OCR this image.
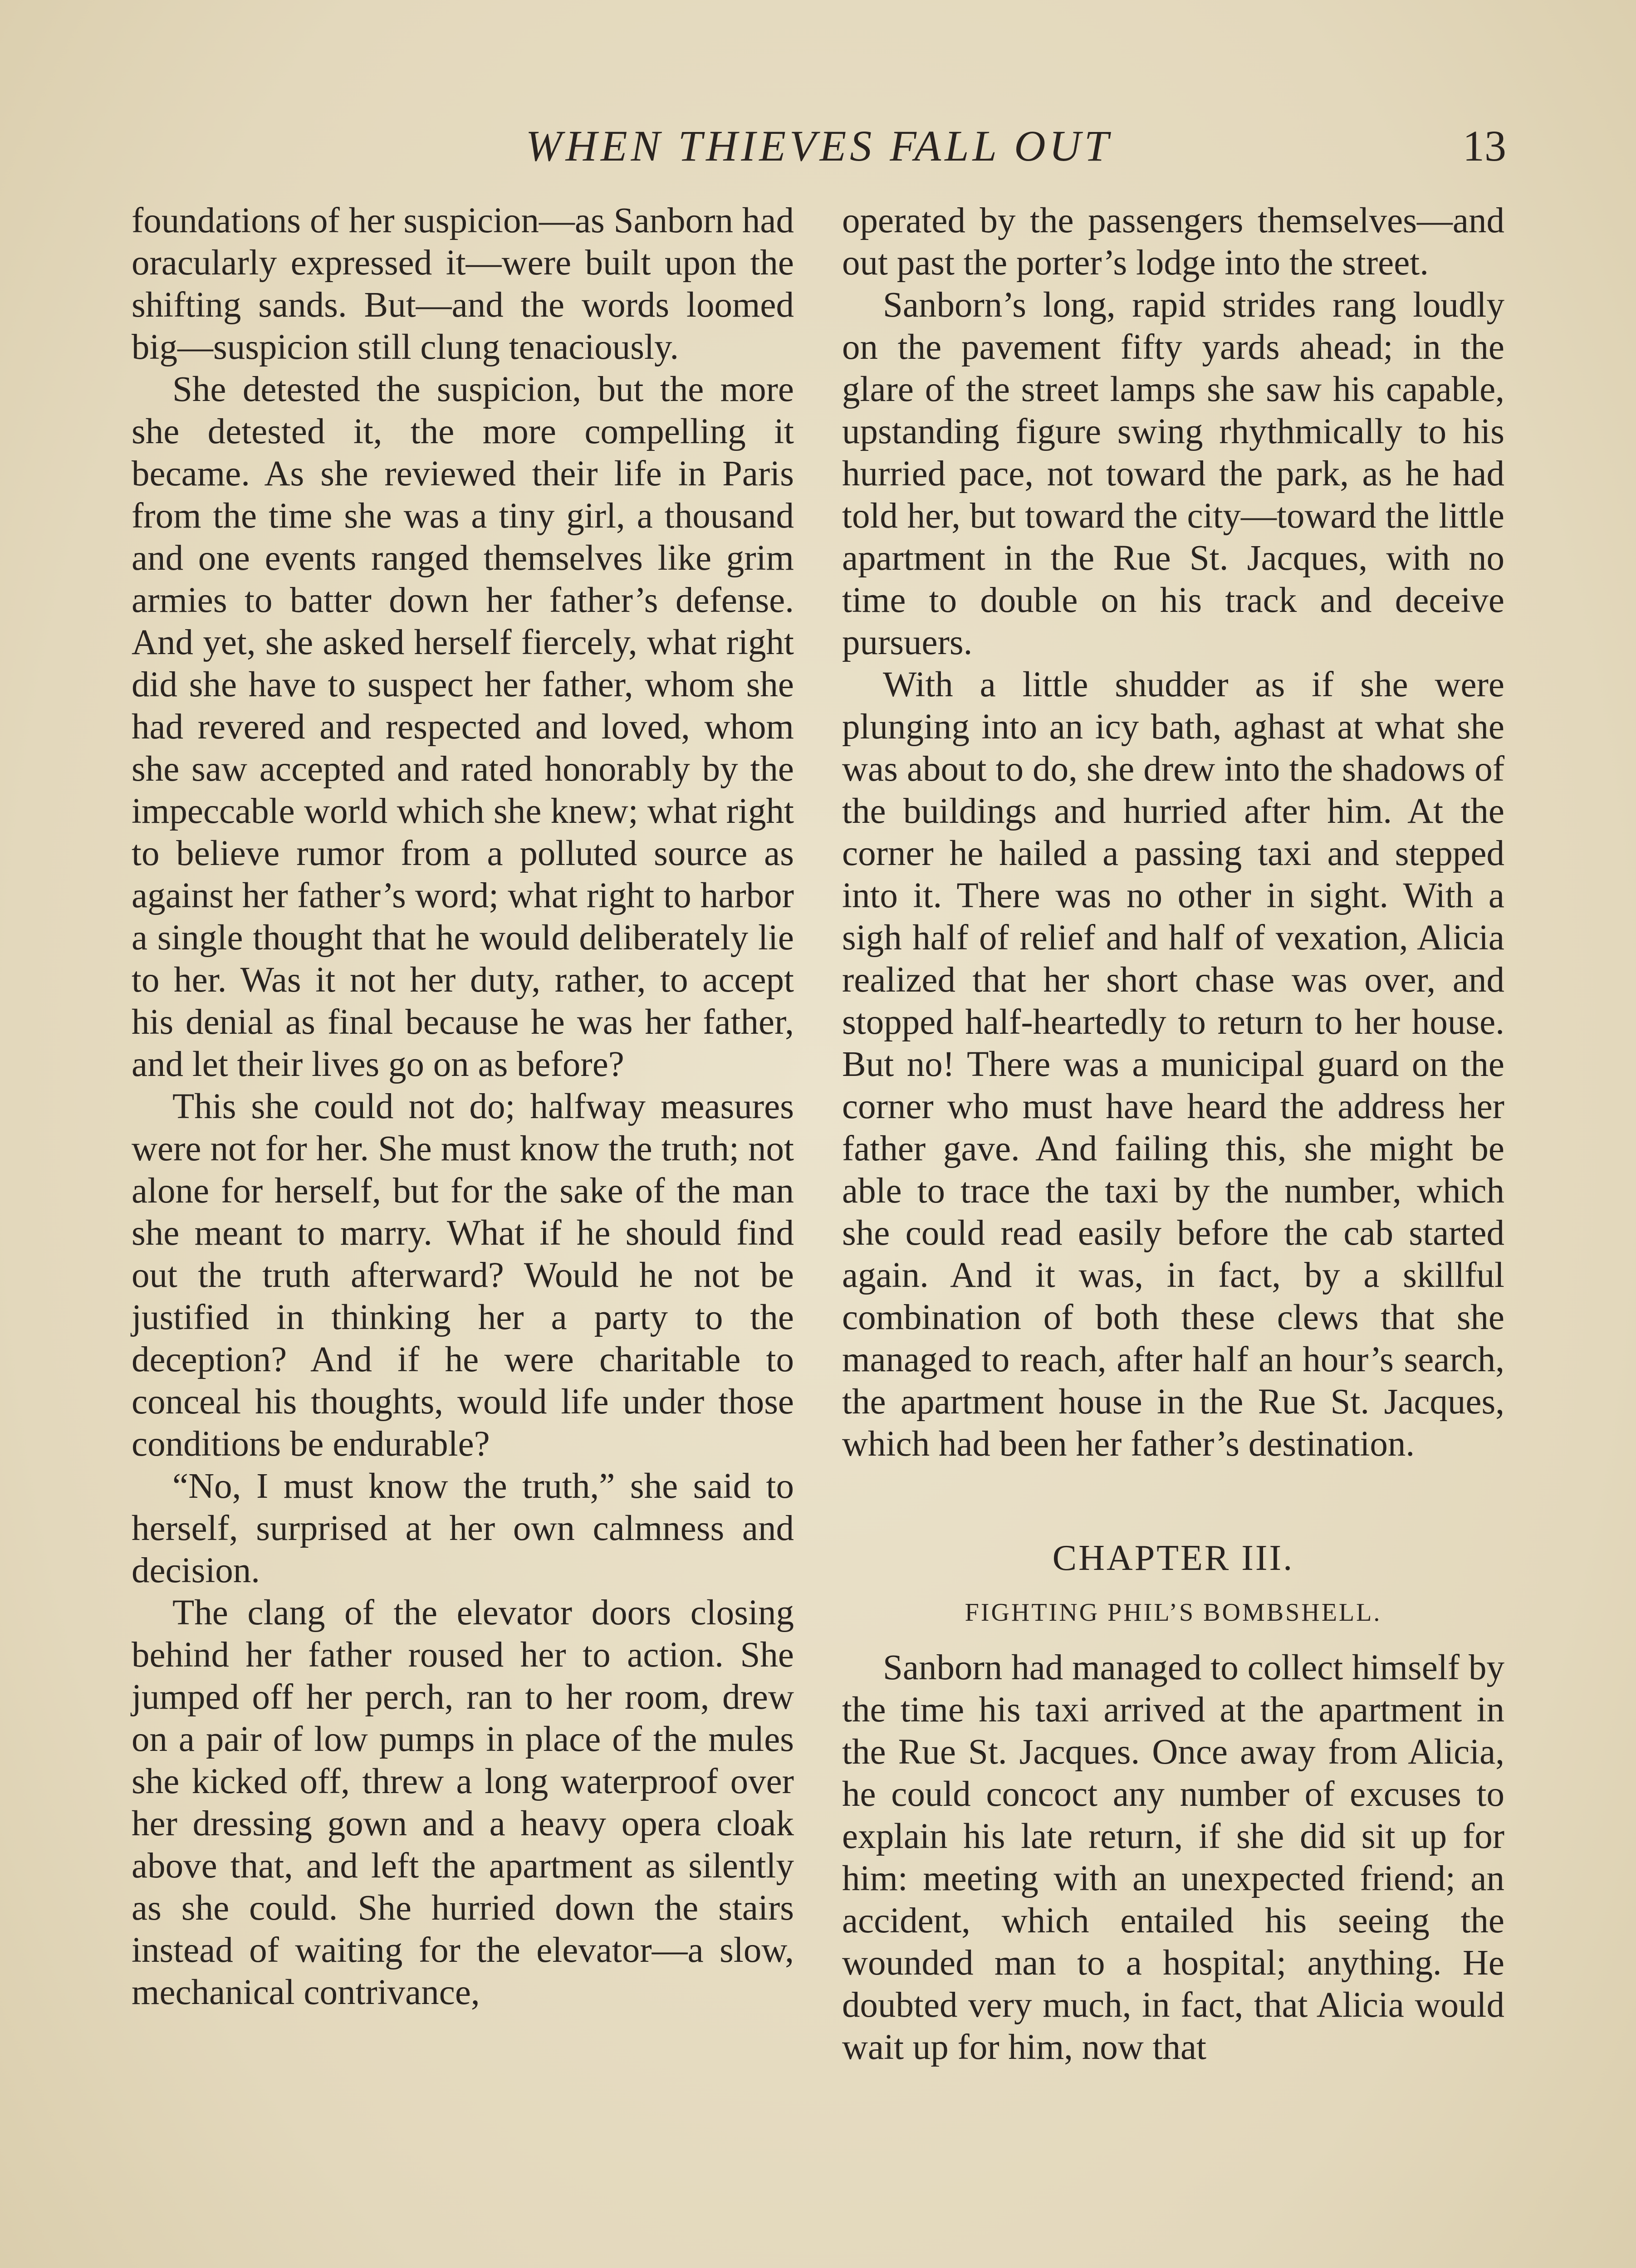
WHEN THIEVES FALL OUT	13

foundations of her suspicion—as Sanborn had oracularly expressed it—were built upon the shifting sands. But—and the words loomed big—suspicion still clung tenaciously.

She detested the suspicion, but the more she detested it, the more compelling it became. As she reviewed their life in Paris from the time she was a tiny girl, a thousand and one events ranged themselves like grim armies to batter down her father’s defense. And yet, she asked herself fiercely, what right did she have to suspect her father, whom she had revered and respected and loved, whom she saw accepted and rated honorably by the impeccable world which she knew; what right to believe rumor from a polluted source as against her father’s word; what right to harbor a single thought that he would deliberately lie to her. Was it not her duty, rather, to accept his denial as final because he was her father, and let their lives go on as before?

This she could not do; halfway measures were not for her. She must know the truth; not alone for herself, but for the sake of the man she meant to marry. What if he should find out the truth afterward? Would he not be justified in thinking her a party to the deception? And if he were charitable to conceal his thoughts, would life under those conditions be endurable?

“No, I must know the truth,” she said to herself, surprised at her own calmness and decision.

The clang of the elevator doors closing behind her father roused her to action. She jumped off her perch, ran to her room, drew on a pair of low pumps in place of the mules she kicked off, threw a long waterproof over her dressing gown and a heavy opera cloak above that, and left the apartment as silently as she could. She hurried down the stairs instead of waiting for the elevator—a slow, mechanical contrivance,

operated by the passengers themselves—and out past the porter’s lodge into the street.

Sanborn’s long, rapid strides rang loudly on the pavement fifty yards ahead; in the glare of the street lamps she saw his capable, upstanding figure swing rhythmically to his hurried pace, not toward the park, as he had told her, but toward the city—toward the little apartment in the Rue St. Jacques, with no time to double on his track and deceive pursuers.

With a little shudder as if she were plunging into an icy bath, aghast at what she was about to do, she drew into the shadows of the buildings and hurried after him. At the corner he hailed a passing taxi and stepped into it. There was no other in sight. With a sigh half of relief and half of vexation, Alicia realized that her short chase was over, and stopped half-heartedly to return to her house. But no! There was a municipal guard on the corner who must have heard the address her father gave. And failing this, she might be able to trace the taxi by the number, which she could read easily before the cab started again. And it was, in fact, by a skillful combination of both these clews that she managed to reach, after half an hour’s search, the apartment house in the Rue St. Jacques, which had been her father’s destination.

CHAPTER III.
FIGHTING PHIL’S BOMBSHELL.

Sanborn had managed to collect himself by the time his taxi arrived at the apartment in the Rue St. Jacques. Once away from Alicia, he could concoct any number of excuses to explain his late return, if she did sit up for him: meeting with an unexpected friend; an accident, which entailed his seeing the wounded man to a hospital; anything. He doubted very much, in fact, that Alicia would wait up for him, now that
